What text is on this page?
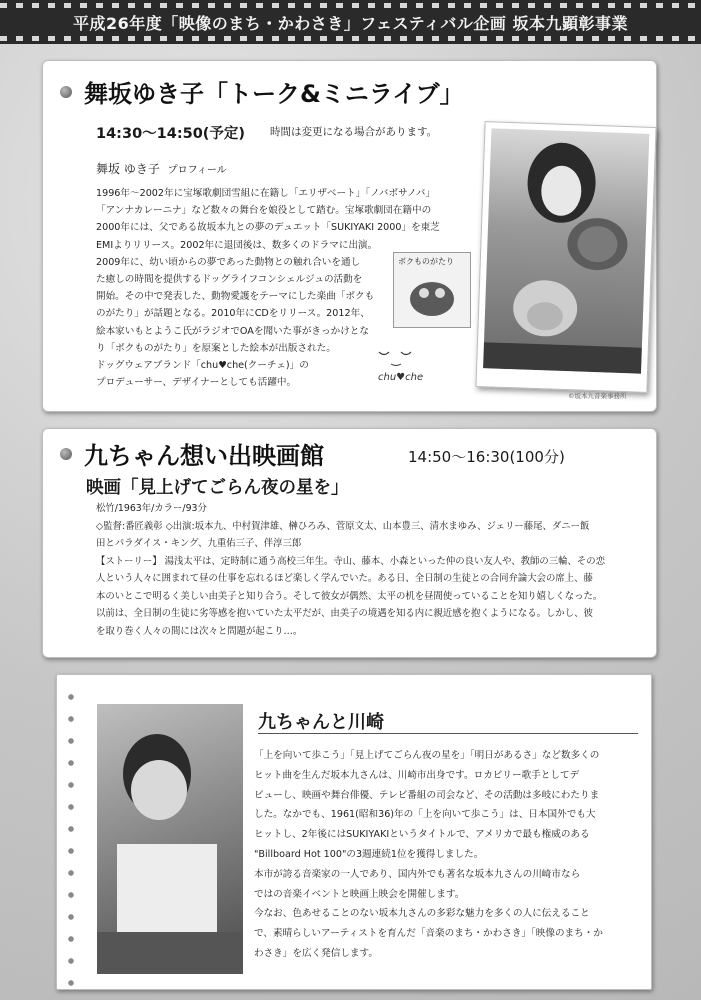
平成26年度「映像のまち・かわさき」フェスティバル企画 坂本九顕彰事業
舞坂ゆき子「トーク&ミニライブ」
14:30〜14:50(予定) 時間は変更になる場合があります。
舞坂 ゆき子 プロフィール
1996年〜2002年に宝塚歌劇団雪組に在籍し「エリザベート」「ノバボサノバ」
「アンナカレーニナ」など数々の舞台を娘役として踏む。宝塚歌劇団在籍中の
2000年には、父である故坂本九との夢のデュエット「SUKIYAKI 2000」を東芝
EMIよりリリース。2002年に退団後は、数多くのドラマに出演。
2009年に、幼い頃からの夢であった動物との触れ合いを通し
た癒しの時間を提供するドッグライフコンシェルジュの活動を
開始。その中で発表した、動物愛護をテーマにした楽曲「ボクも
のがたり」が話題となる。2010年にCDをリリース。2012年、
絵本家いもとようこ氏がラジオでOAを聞いた事がきっかけとな
り「ボクものがたり」を原案とした絵本が出版された。
ドッグウェアブランド「chu♥che(クーチェ)」の
プロデューサー、デザイナーとしても活躍中。
ボクものがたり
chu♥che
©坂本九音楽事務所
九ちゃん想い出映画館	14:50〜16:30(100分)
映画「見上げてごらん夜の星を」
松竹/1963年/カラー/93分
◇監督:番匠義彰 ◇出演:坂本九、中村賀津雄、榊ひろみ、菅原文太、山本豊三、清水まゆみ、ジェリー藤尾、ダニー飯
田とパラダイス・キング、九重佑三子、伴淳三郎
【ストーリー】 湯浅太平は、定時制に通う高校三年生。寺山、藤本、小森といった仲の良い友人や、教師の三輪、その恋
人という人々に囲まれて昼の仕事を忘れるほど楽しく学んでいた。ある日、全日制の生徒との合同弁論大会の席上、藤
本のいとこで明るく美しい由美子と知り合う。そして彼女が偶然、太平の机を昼間使っていることを知り嬉しくなった。
以前は、全日制の生徒に劣等感を抱いていた太平だが、由美子の境遇を知る内に親近感を抱くようになる。しかし、彼
を取り巻く人々の間には次々と問題が起こり…。
九ちゃんと川崎
「上を向いて歩こう」「見上げてごらん夜の星を」「明日があるさ」など数多くの
ヒット曲を生んだ坂本九さんは、川崎市出身です。ロカビリー歌手としてデ
ビューし、映画や舞台俳優、テレビ番組の司会など、その活動は多岐にわたりま
した。なかでも、1961(昭和36)年の「上を向いて歩こう」は、日本国外でも大
ヒットし、2年後にはSUKIYAKIというタイトルで、アメリカで最も権威のある
"Billboard Hot 100"の3週連続1位を獲得しました。
本市が誇る音楽家の一人であり、国内外でも著名な坂本九さんの川崎市なら
ではの音楽イベントと映画上映会を開催します。
今なお、色あせることのない坂本九さんの多彩な魅力を多くの人に伝えること
で、素晴らしいアーティストを育んだ「音楽のまち・かわさき」「映像のまち・か
わさき」を広く発信します。
